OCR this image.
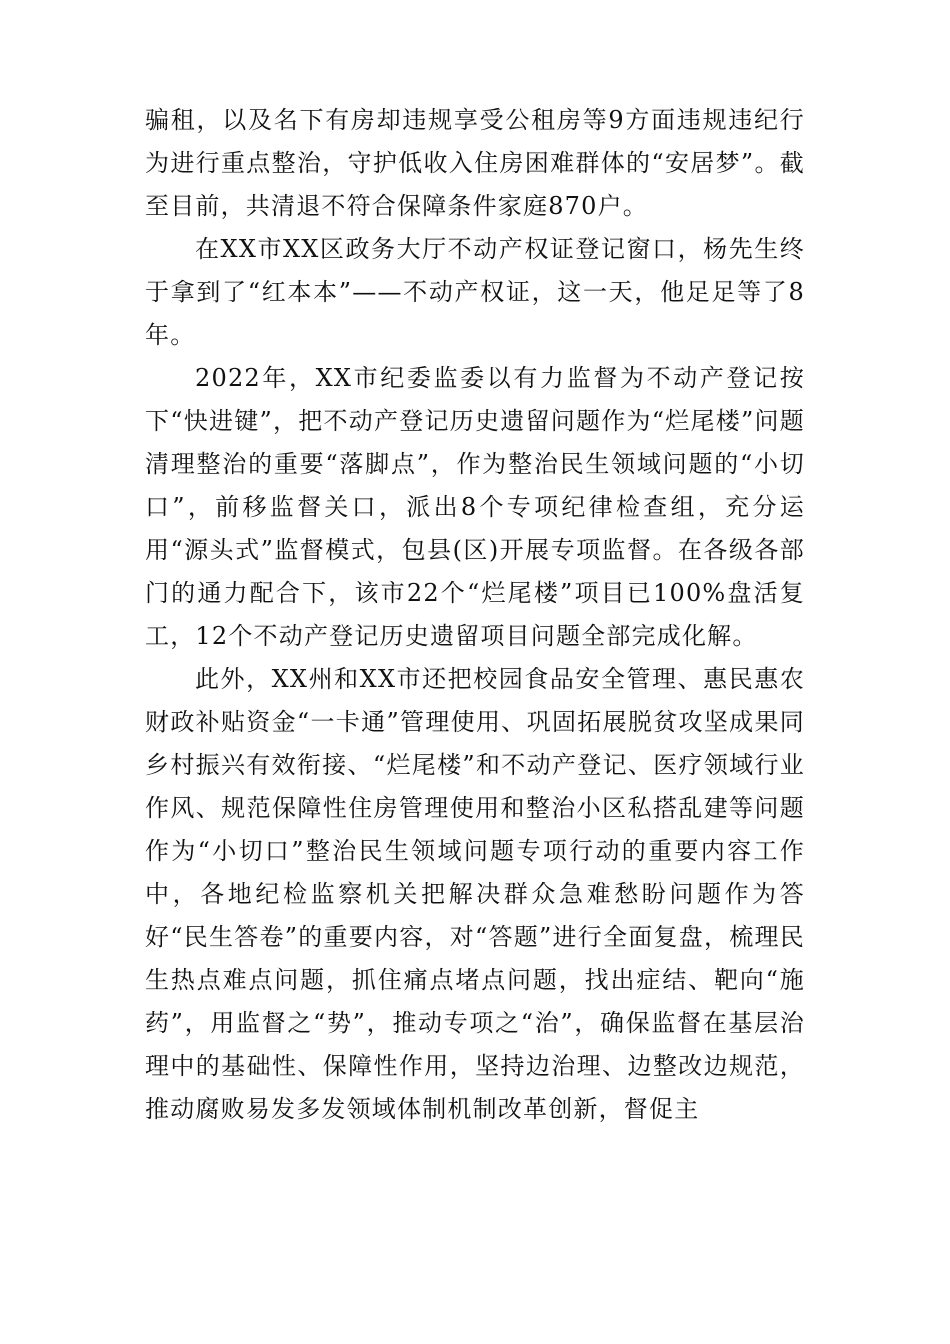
骗租，以及名下有房却违规享受公租房等9方面违规违纪行为进行重点整治，守护低收入住房困难群体的“安居梦”。截至目前，共清退不符合保障条件家庭870户。

在XX市XX区政务大厅不动产权证登记窗口，杨先生终于拿到了“红本本”——不动产权证，这一天，他足足等了8年。

2022年，XX市纪委监委以有力监督为不动产登记按下“快进键”，把不动产登记历史遗留问题作为“烂尾楼”问题清理整治的重要“落脚点”，作为整治民生领域问题的“小切口”，前移监督关口，派出8个专项纪律检查组，充分运用“源头式”监督模式，包县(区)开展专项监督。在各级各部门的通力配合下，该市22个“烂尾楼”项目已100%盘活复工，12个不动产登记历史遗留项目问题全部完成化解。

此外，XX州和XX市还把校园食品安全管理、惠民惠农财政补贴资金“一卡通”管理使用、巩固拓展脱贫攻坚成果同乡村振兴有效衔接、“烂尾楼”和不动产登记、医疗领域行业作风、规范保障性住房管理使用和整治小区私搭乱建等问题作为“小切口”整治民生领域问题专项行动的重要内容工作中，各地纪检监察机关把解决群众急难愁盼问题作为答好“民生答卷”的重要内容，对“答题”进行全面复盘，梳理民生热点难点问题，抓住痛点堵点问题，找出症结、靶向“施药”，用监督之“势”，推动专项之“治”，确保监督在基层治理中的基础性、保障性作用，坚持边治理、边整改边规范，推动腐败易发多发领域体制机制改革创新，督促主
